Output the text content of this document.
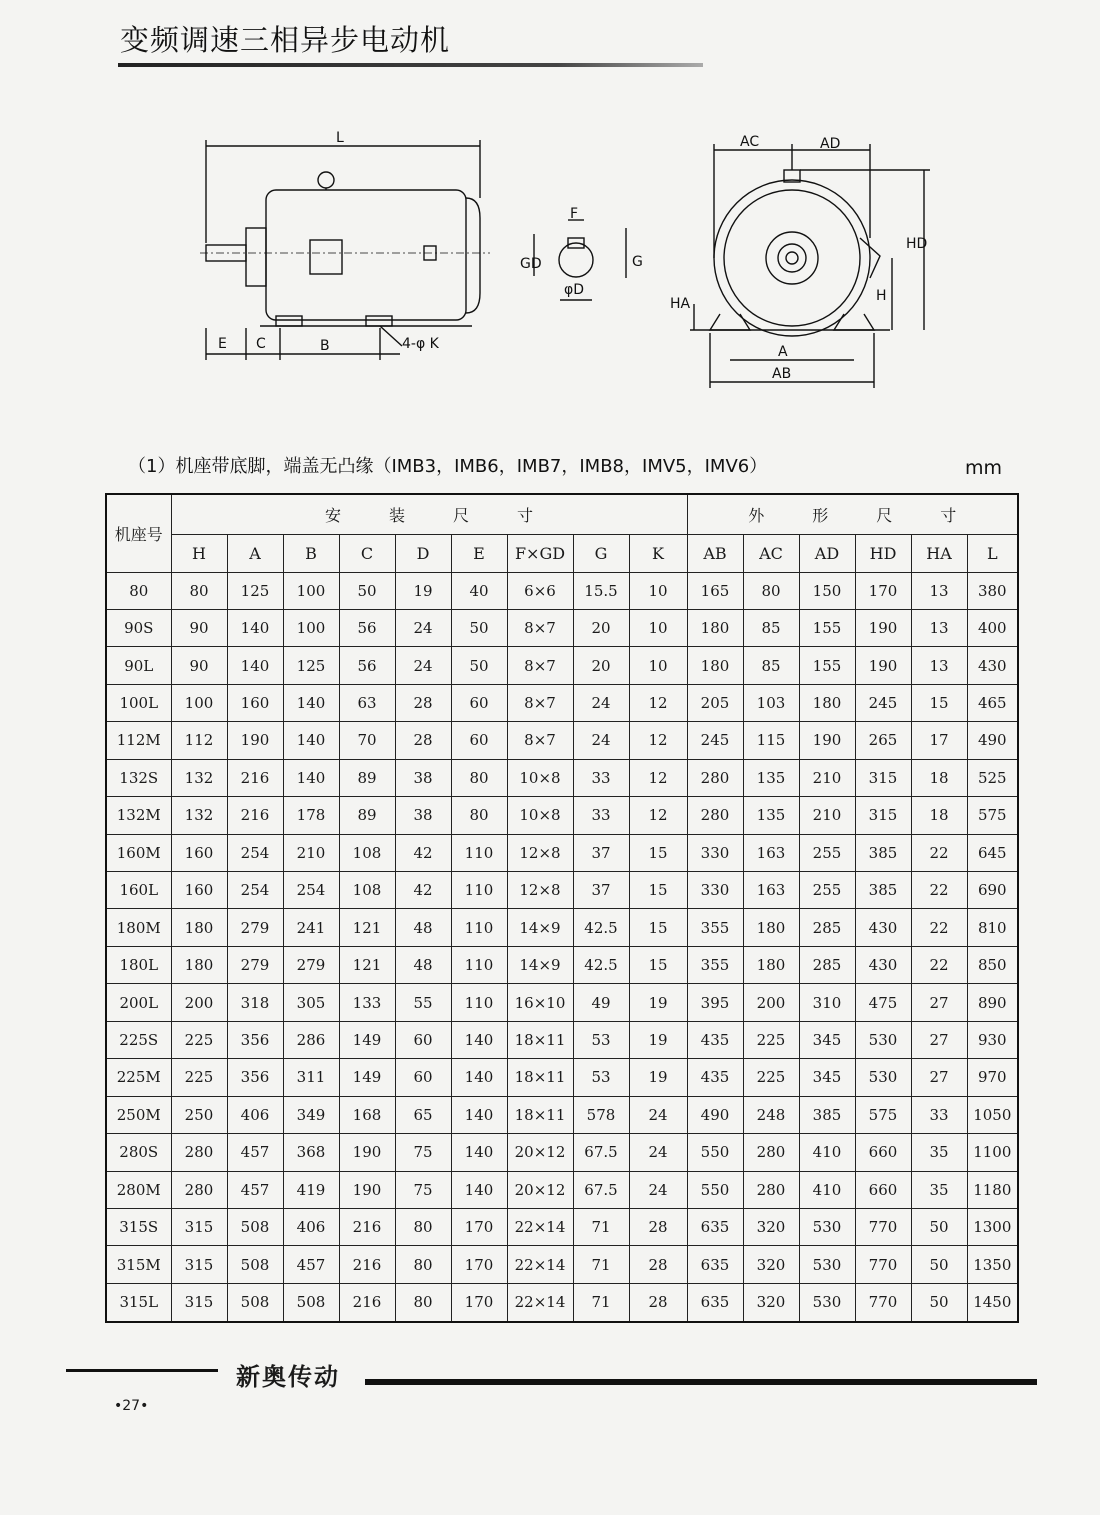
变频调速三相异步电动机
L
E C	B	4-φ K
F
GD	G
φD
AC	AD
HD
H
HA
A
AB
（1）机座带底脚，端盖无凸缘（IMB3，IMB6，IMB7，IMB8，IMV5，IMV6）	mm
机座号	安装尺寸									外形尺寸					
	H	A	B	C	D	E	F×GD	G	K	AB	AC	AD	HD	HA	L
80	80	125	100	50	19	40	6×6	15.5	10	165	80	150	170	13	380
90S	90	140	100	56	24	50	8×7	20	10	180	85	155	190	13	400
90L	90	140	125	56	24	50	8×7	20	10	180	85	155	190	13	430
100L	100	160	140	63	28	60	8×7	24	12	205	103	180	245	15	465
112M	112	190	140	70	28	60	8×7	24	12	245	115	190	265	17	490
132S	132	216	140	89	38	80	10×8	33	12	280	135	210	315	18	525
132M	132	216	178	89	38	80	10×8	33	12	280	135	210	315	18	575
160M	160	254	210	108	42	110	12×8	37	15	330	163	255	385	22	645
160L	160	254	254	108	42	110	12×8	37	15	330	163	255	385	22	690
180M	180	279	241	121	48	110	14×9	42.5	15	355	180	285	430	22	810
180L	180	279	279	121	48	110	14×9	42.5	15	355	180	285	430	22	850
200L	200	318	305	133	55	110	16×10	49	19	395	200	310	475	27	890
225S	225	356	286	149	60	140	18×11	53	19	435	225	345	530	27	930
225M	225	356	311	149	60	140	18×11	53	19	435	225	345	530	27	970
250M	250	406	349	168	65	140	18×11	578	24	490	248	385	575	33	1050
280S	280	457	368	190	75	140	20×12	67.5	24	550	280	410	660	35	1100
280M	280	457	419	190	75	140	20×12	67.5	24	550	280	410	660	35	1180
315S	315	508	406	216	80	170	22×14	71	28	635	320	530	770	50	1300
315M	315	508	457	216	80	170	22×14	71	28	635	320	530	770	50	1350
315L	315	508	508	216	80	170	22×14	71	28	635	320	530	770	50	1450
新奥传动
•27•
